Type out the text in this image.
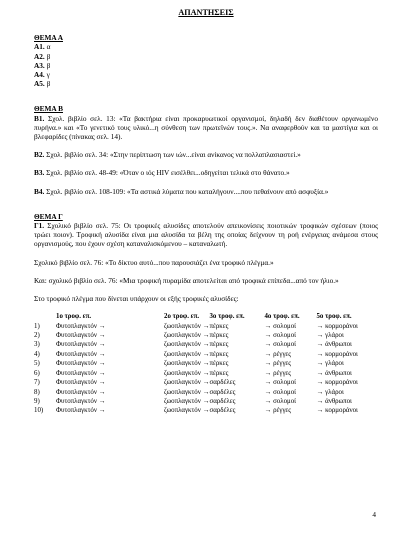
ΑΠΑΝΤΗΣΕΙΣ
ΘΕΜΑ Α
Α1. α
Α2. β
Α3. β
Α4. γ
Α5. β
ΘΕΜΑ Β

Β1. Σχολ. βιβλίο σελ. 13: «Τα βακτήρια είναι προκαρυωτικοί οργανισμοί, δηλαδή δεν διαθέτουν οργανωμένο πυρήνα.» και «Το γενετικό τους υλικό...η σύνθεση των πρωτεϊνών τους.». Να αναφερθούν και τα μαστίγια και οι βλεφαρίδες (πίνακας σελ. 14).

Β2. Σχολ. βιβλίο σελ. 34: «Στην περίπτωση των ιών...είναι ανίκανος να πολλαπλασιαστεί.»

Β3. Σχολ. βιβλίο σελ. 48-49: «Όταν ο ιός HIV εισέλθει...οδηγείται τελικά στο θάνατο.»

Β4. Σχολ. βιβλίο σελ. 108-109: «Τα αστικά λύματα που καταλήγουν....που πεθαίνουν από ασφυξία.»

ΘΕΜΑ Γ

Γ1. Σχολικό βιβλίο σελ. 75: Οι τροφικές αλυσίδες αποτελούν απεικονίσεις ποιοτικών τροφικών σχέσεων (ποιος τρώει ποιον). Τροφική αλυσίδα είναι μια αλυσίδα τα βέλη της οποίας δείχνουν τη ροή ενέργειας ανάμεσα στους οργανισμούς, που έχουν σχέση καταναλισκόμενου – καταναλωτή.

Σχολικό βιβλίο σελ. 76: «Το δίκτυο αυτό...που παρουσιάζει ένα τροφικό πλέγμα.»

Και: σχολικό βιβλίο σελ. 76: «Μια τροφική πυραμίδα αποτελείται από τροφικά επίπεδα...από τον ήλιο.»

Στο τροφικό πλέγμα που δίνεται υπάρχουν οι εξής τροφικές αλυσίδες:

	1ο τροφ. επ.	2ο τροφ. επ.	3ο τροφ. επ.	4ο τροφ. επ.	5ο τροφ. επ.
1)	Φυτοπλαγκτόν →	ζωοπλαγκτόν →	πέρκες	→ σολομοί	→ κορμοράνοι
2)	Φυτοπλαγκτόν →	ζωοπλαγκτόν →	πέρκες	→ σολομοί	→ γλάροι
3)	Φυτοπλαγκτόν →	ζωοπλαγκτόν →	πέρκες	→ σολομοί	→ άνθρωποι
4)	Φυτοπλαγκτόν →	ζωοπλαγκτόν →	πέρκες	→ ρέγγες	→ κορμοράνοι
5)	Φυτοπλαγκτόν →	ζωοπλαγκτόν →	πέρκες	→ ρέγγες	→ γλάροι
6)	Φυτοπλαγκτόν →	ζωοπλαγκτόν →	πέρκες	→ ρέγγες	→ άνθρωποι
7)	Φυτοπλαγκτόν →	ζωοπλαγκτόν →	σαρδέλες	→ σολομοί	→ κορμοράνοι
8)	Φυτοπλαγκτόν →	ζωοπλαγκτόν →	σαρδέλες	→ σολομοί	→ γλάροι
9)	Φυτοπλαγκτόν →	ζωοπλαγκτόν →	σαρδέλες	→ σολομοί	→ άνθρωποι
10)	Φυτοπλαγκτόν →	ζωοπλαγκτόν →	σαρδέλες	→ ρέγγες	→ κορμοράνοι
4
